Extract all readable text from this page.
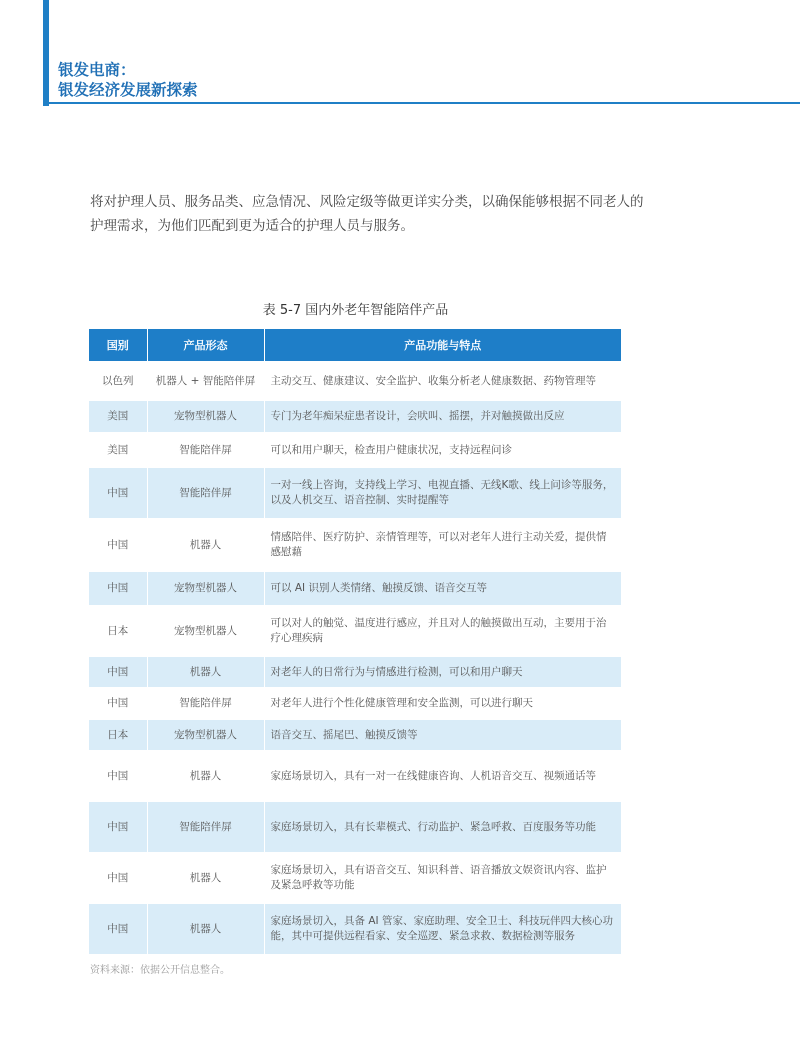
银发电商：
银发经济发展新探索

将对护理人员、服务品类、应急情况、风险定级等做更详实分类，以确保能够根据不同老人的护理需求，为他们匹配到更为适合的护理人员与服务。

表 5-7 国内外老年智能陪伴产品

国别	产品形态	产品功能与特点
以色列	机器人 + 智能陪伴屏	主动交互、健康建议、安全监护、收集分析老人健康数据、药物管理等
美国	宠物型机器人	专门为老年痴呆症患者设计，会吠叫、摇摆，并对触摸做出反应
美国	智能陪伴屏	可以和用户聊天，检查用户健康状况，支持远程问诊
中国	智能陪伴屏	一对一线上咨询，支持线上学习、电视直播、无线K歌、线上问诊等服务，以及人机交互、语音控制、实时提醒等
中国	机器人	情感陪伴、医疗防护、亲情管理等，可以对老年人进行主动关爱，提供情感慰藉
中国	宠物型机器人	可以 AI 识别人类情绪、触摸反馈、语音交互等
日本	宠物型机器人	可以对人的触觉、温度进行感应，并且对人的触摸做出互动，主要用于治疗心理疾病
中国	机器人	对老年人的日常行为与情感进行检测，可以和用户聊天
中国	智能陪伴屏	对老年人进行个性化健康管理和安全监测，可以进行聊天
日本	宠物型机器人	语音交互、摇尾巴、触摸反馈等
中国	机器人	家庭场景切入，具有一对一在线健康咨询、人机语音交互、视频通话等
中国	智能陪伴屏	家庭场景切入，具有长辈模式、行动监护、紧急呼救、百度服务等功能
中国	机器人	家庭场景切入，具有语音交互、知识科普、语音播放文娱资讯内容、监护及紧急呼救等功能
中国	机器人	家庭场景切入，具备 AI 管家、家庭助理、安全卫士、科技玩伴四大核心功能，其中可提供远程看家、安全巡逻、紧急求救、数据检测等服务

资料来源：依据公开信息整合。
